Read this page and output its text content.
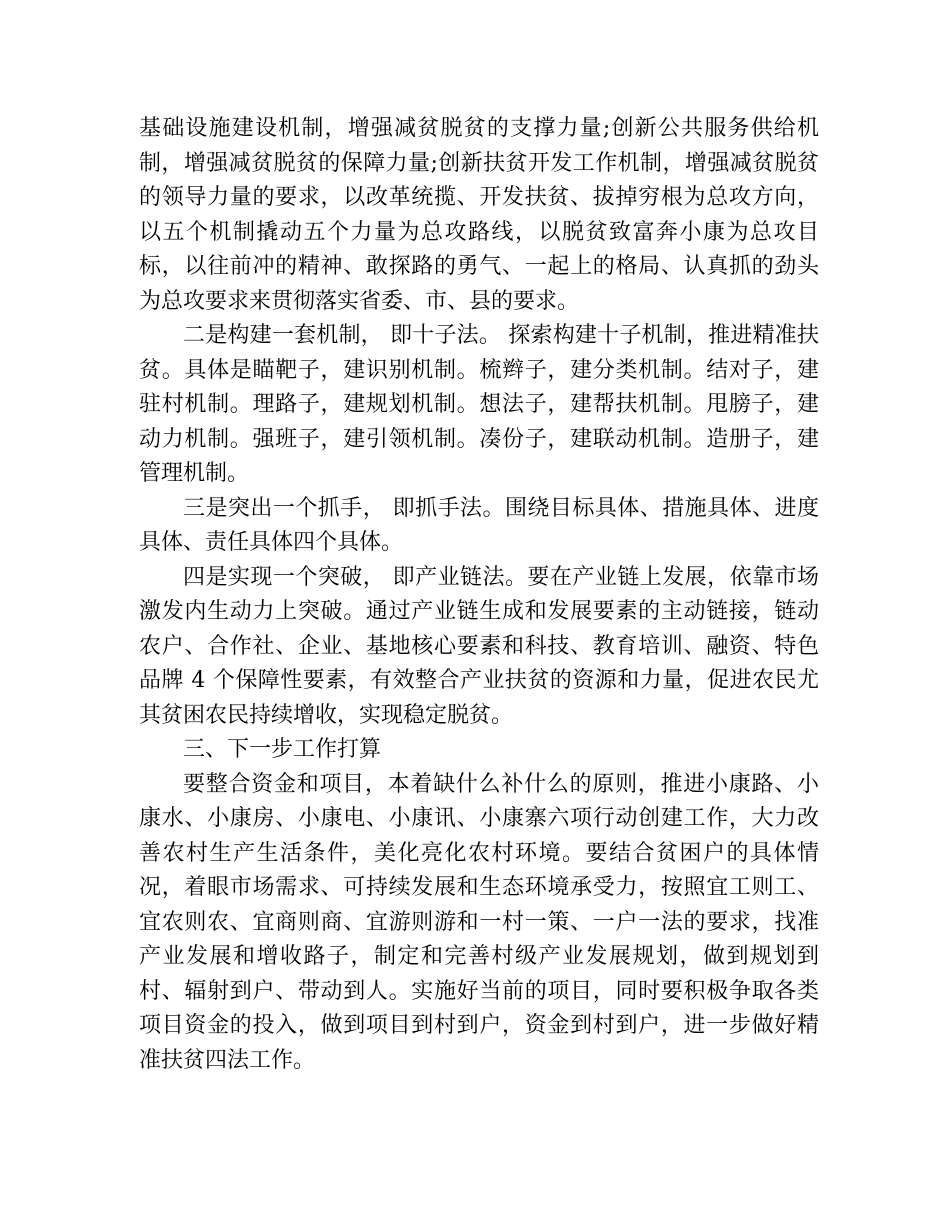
基础设施建设机制，增强减贫脱贫的支撑力量;创新公共服务供给机制，增强减贫脱贫的保障力量;创新扶贫开发工作机制，增强减贫脱贫的领导力量的要求，以改革统揽、开发扶贫、拔掉穷根为总攻方向，以五个机制撬动五个力量为总攻路线，以脱贫致富奔小康为总攻目标，以往前冲的精神、敢探路的勇气、一起上的格局、认真抓的劲头为总攻要求来贯彻落实省委、市、县的要求。

二是构建一套机制， 即十子法。 探索构建十子机制，推进精准扶贫。具体是瞄靶子，建识别机制。梳辫子，建分类机制。结对子，建驻村机制。理路子，建规划机制。想法子，建帮扶机制。甩膀子，建动力机制。强班子，建引领机制。凑份子，建联动机制。造册子，建管理机制。

三是突出一个抓手， 即抓手法。围绕目标具体、措施具体、进度具体、责任具体四个具体。

四是实现一个突破， 即产业链法。要在产业链上发展，依靠市场激发内生动力上突破。通过产业链生成和发展要素的主动链接，链动农户、合作社、企业、基地核心要素和科技、教育培训、融资、特色品牌 4 个保障性要素，有效整合产业扶贫的资源和力量，促进农民尤其贫困农民持续增收，实现稳定脱贫。

三、下一步工作打算

要整合资金和项目，本着缺什么补什么的原则，推进小康路、小康水、小康房、小康电、小康讯、小康寨六项行动创建工作，大力改善农村生产生活条件，美化亮化农村环境。要结合贫困户的具体情况，着眼市场需求、可持续发展和生态环境承受力，按照宜工则工、宜农则农、宜商则商、宜游则游和一村一策、一户一法的要求，找准产业发展和增收路子，制定和完善村级产业发展规划，做到规划到村、辐射到户、带动到人。实施好当前的项目，同时要积极争取各类项目资金的投入，做到项目到村到户，资金到村到户，进一步做好精准扶贫四法工作。
